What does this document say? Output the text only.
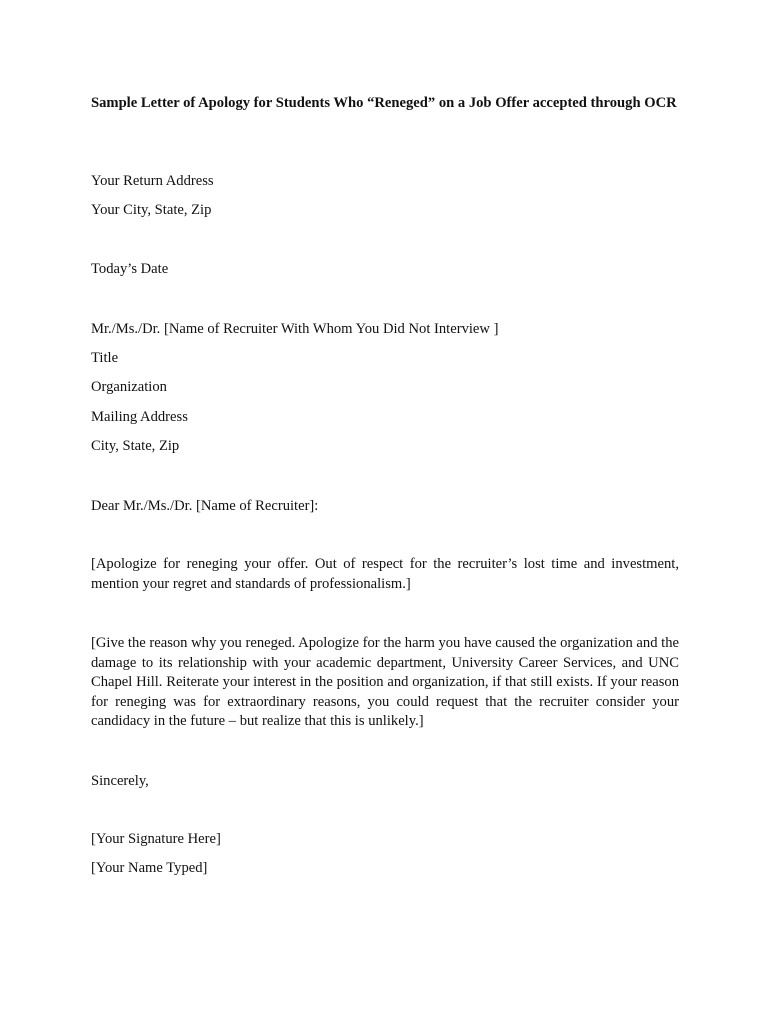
Sample Letter of Apology for Students Who “Reneged” on a Job Offer accepted through OCR
Your Return Address
Your City, State, Zip
Today’s Date
Mr./Ms./Dr. [Name of Recruiter With Whom You Did Not Interview ]
Title
Organization
Mailing Address
City, State, Zip
Dear Mr./Ms./Dr. [Name of Recruiter]:
[Apologize for reneging your offer. Out of respect for the recruiter’s lost time and investment, mention your regret and standards of professionalism.]
[Give the reason why you reneged. Apologize for the harm you have caused the organization and the damage to its relationship with your academic department, University Career Services, and UNC Chapel Hill. Reiterate your interest in the position and organization, if that still exists. If your reason for reneging was for extraordinary reasons, you could request that the recruiter consider your candidacy in the future – but realize that this is unlikely.]
Sincerely,
[Your Signature Here]
[Your Name Typed]
